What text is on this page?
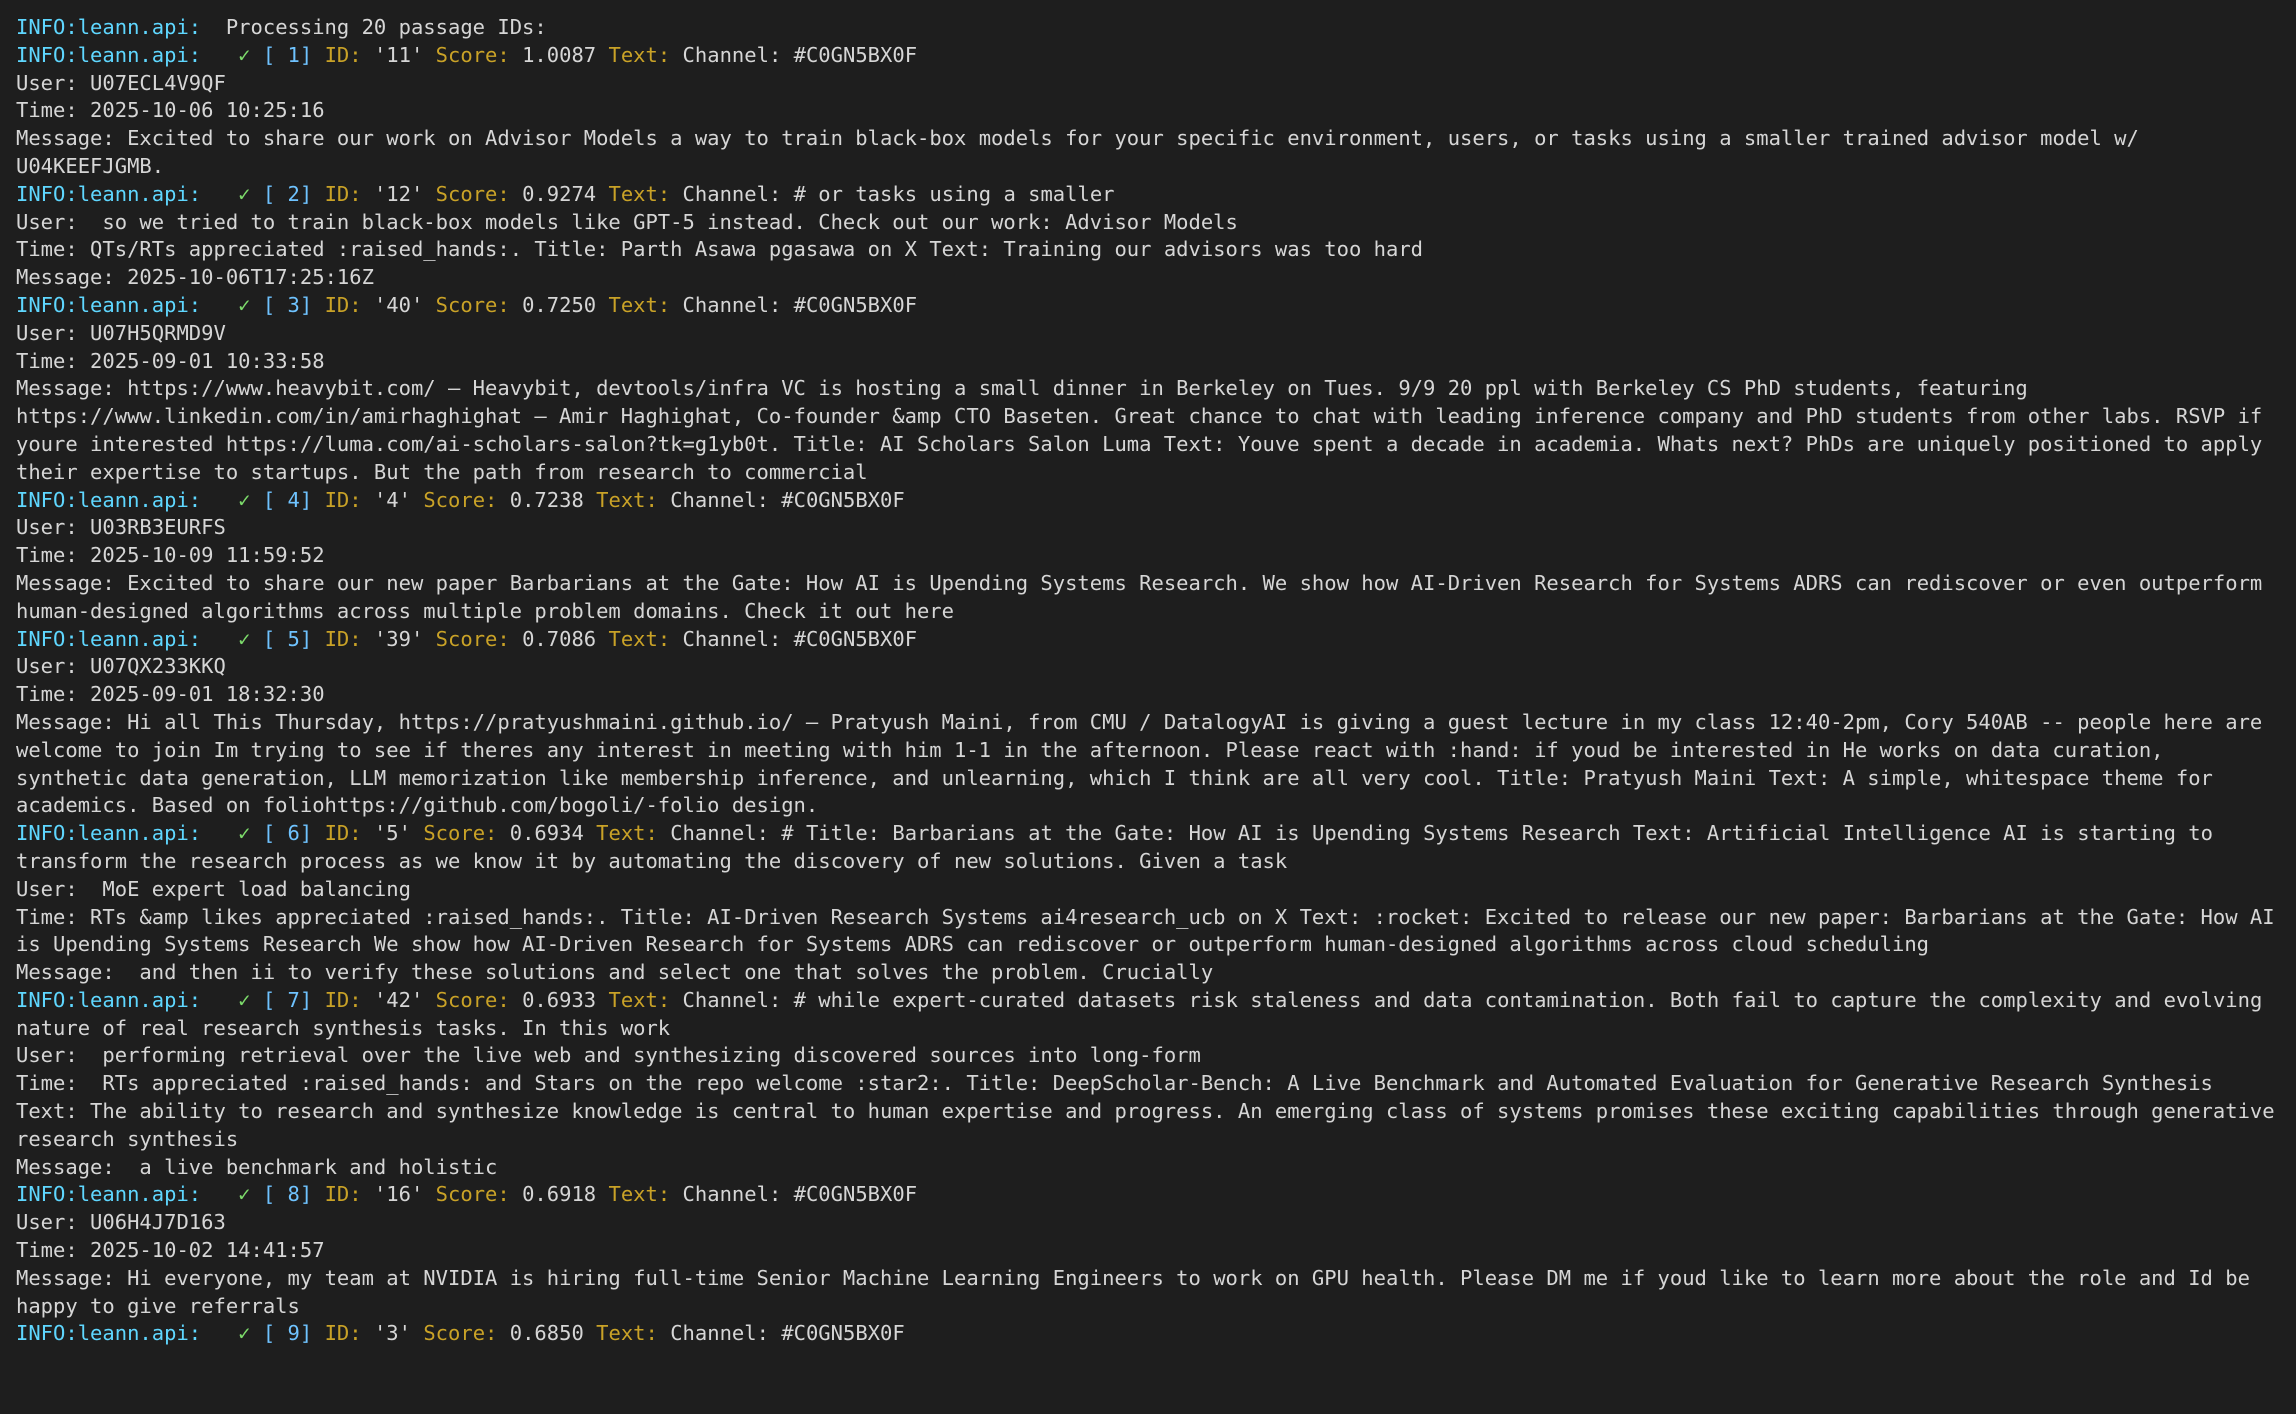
INFO:leann.api:  Processing 20 passage IDs:
INFO:leann.api:   ✓ [ 1] ID: '11' Score: 1.0087 Text: Channel: #C0GN5BX0F
User: U07ECL4V9QF
Time: 2025-10-06 10:25:16
Message: Excited to share our work on Advisor Models a way to train black-box models for your specific environment, users, or tasks using a smaller trained advisor model w/ U04KEEFJGMB.
INFO:leann.api:   ✓ [ 2] ID: '12' Score: 0.9274 Text: Channel: # or tasks using a smaller
User:  so we tried to train black-box models like GPT-5 instead. Check out our work: Advisor Models
Time: QTs/RTs appreciated :raised_hands:. Title: Parth Asawa pgasawa on X Text: Training our advisors was too hard
Message: 2025-10-06T17:25:16Z
INFO:leann.api:   ✓ [ 3] ID: '40' Score: 0.7250 Text: Channel: #C0GN5BX0F
User: U07H5QRMD9V
Time: 2025-09-01 10:33:58
Message: https://www.heavybit.com/ — Heavybit, devtools/infra VC is hosting a small dinner in Berkeley on Tues. 9/9 20 ppl with Berkeley CS PhD students, featuring https://www.linkedin.com/in/amirhaghighat — Amir Haghighat, Co-founder &amp CTO Baseten. Great chance to chat with leading inference company and PhD students from other labs. RSVP if youre interested https://luma.com/ai-scholars-salon?tk=g1yb0t. Title: AI Scholars Salon Luma Text: Youve spent a decade in academia. Whats next? PhDs are uniquely positioned to apply their expertise to startups. But the path from research to commercial
INFO:leann.api:   ✓ [ 4] ID: '4' Score: 0.7238 Text: Channel: #C0GN5BX0F
User: U03RB3EURFS
Time: 2025-10-09 11:59:52
Message: Excited to share our new paper Barbarians at the Gate: How AI is Upending Systems Research. We show how AI-Driven Research for Systems ADRS can rediscover or even outperform human-designed algorithms across multiple problem domains. Check it out here
INFO:leann.api:   ✓ [ 5] ID: '39' Score: 0.7086 Text: Channel: #C0GN5BX0F
User: U07QX233KKQ
Time: 2025-09-01 18:32:30
Message: Hi all This Thursday, https://pratyushmaini.github.io/ — Pratyush Maini, from CMU / DatalogyAI is giving a guest lecture in my class 12:40-2pm, Cory 540AB -- people here are welcome to join Im trying to see if theres any interest in meeting with him 1-1 in the afternoon. Please react with :hand: if youd be interested in He works on data curation, synthetic data generation, LLM memorization like membership inference, and unlearning, which I think are all very cool. Title: Pratyush Maini Text: A simple, whitespace theme for academics. Based on foliohttps://github.com/bogoli/-folio design.
INFO:leann.api:   ✓ [ 6] ID: '5' Score: 0.6934 Text: Channel: # Title: Barbarians at the Gate: How AI is Upending Systems Research Text: Artificial Intelligence AI is starting to transform the research process as we know it by automating the discovery of new solutions. Given a task
User:  MoE expert load balancing
Time: RTs &amp likes appreciated :raised_hands:. Title: AI-Driven Research Systems ai4research_ucb on X Text: :rocket: Excited to release our new paper: Barbarians at the Gate: How AI is Upending Systems Research We show how AI-Driven Research for Systems ADRS can rediscover or outperform human-designed algorithms across cloud scheduling
Message:  and then ii to verify these solutions and select one that solves the problem. Crucially
INFO:leann.api:   ✓ [ 7] ID: '42' Score: 0.6933 Text: Channel: # while expert-curated datasets risk staleness and data contamination. Both fail to capture the complexity and evolving nature of real research synthesis tasks. In this work
User:  performing retrieval over the live web and synthesizing discovered sources into long-form
Time:  RTs appreciated :raised_hands: and Stars on the repo welcome :star2:. Title: DeepScholar-Bench: A Live Benchmark and Automated Evaluation for Generative Research Synthesis Text: The ability to research and synthesize knowledge is central to human expertise and progress. An emerging class of systems promises these exciting capabilities through generative research synthesis
Message:  a live benchmark and holistic
INFO:leann.api:   ✓ [ 8] ID: '16' Score: 0.6918 Text: Channel: #C0GN5BX0F
User: U06H4J7D163
Time: 2025-10-02 14:41:57
Message: Hi everyone, my team at NVIDIA is hiring full-time Senior Machine Learning Engineers to work on GPU health. Please DM me if youd like to learn more about the role and Id be happy to give referrals
INFO:leann.api:   ✓ [ 9] ID: '3' Score: 0.6850 Text: Channel: #C0GN5BX0F
